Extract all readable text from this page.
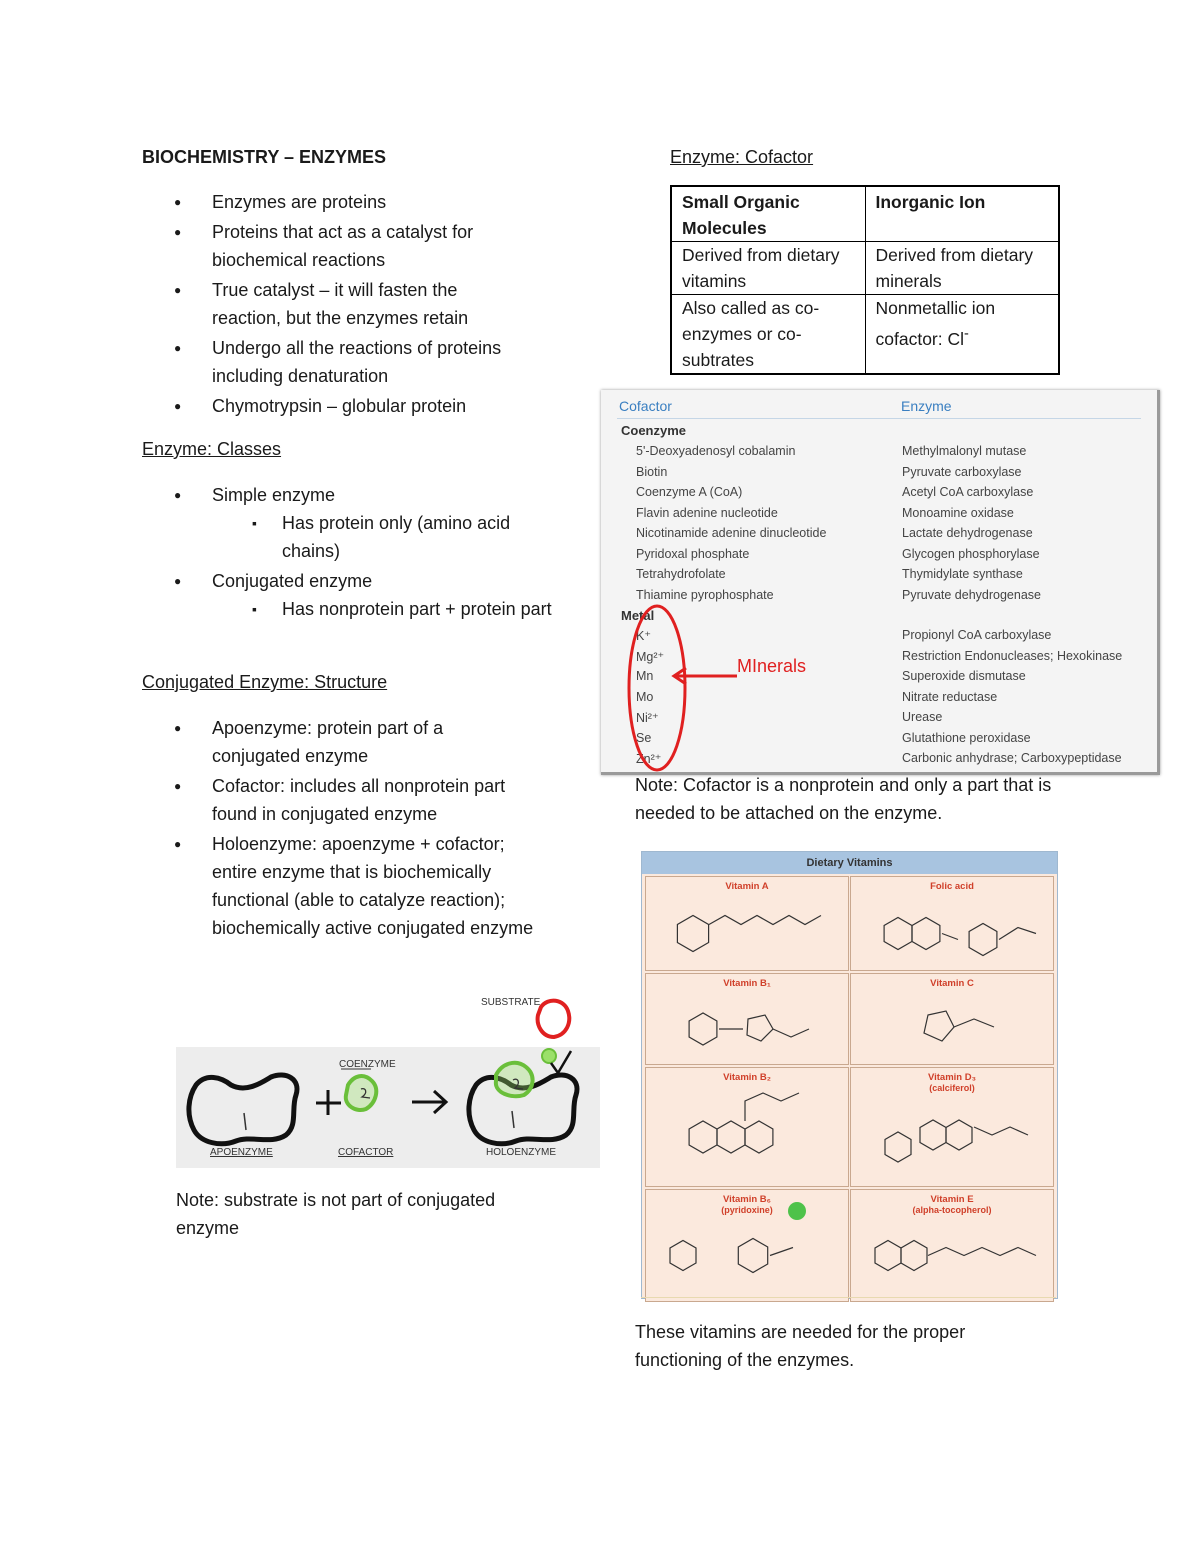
BIOCHEMISTRY – ENZYMES
● Enzymes are proteins
● Proteins that act as a catalyst for biochemical reactions
● True catalyst – it will fasten the reaction, but the enzymes retain
● Undergo all the reactions of proteins including denaturation
● Chymotrypsin – globular protein
Enzyme: Classes
● Simple enzyme
▪ Has protein only (amino acid chains)
● Conjugated enzyme
▪ Has nonprotein part + protein part
Conjugated Enzyme: Structure
● Apoenzyme: protein part of a conjugated enzyme
● Cofactor: includes all nonprotein part found in conjugated enzyme
● Holoenzyme: apoenzyme + cofactor; entire enzyme that is biochemically functional (able to catalyze reaction); biochemically active conjugated enzyme
SUBSTRATE
COENZYME
APOENZYME	COFACTOR	HOLOENZYME
Note: substrate is not part of conjugated enzyme
Enzyme: Cofactor
Small Organic Molecules	Inorganic Ion
Derived from dietary vitamins	Derived from dietary minerals
Also called as co-enzymes or co-subtrates	Nonmetallic ion cofactor: Cl-
Cofactor	Enzyme
Coenzyme
5'-Deoxyadenosyl cobalamin	Methylmalonyl mutase
Biotin	Pyruvate carboxylase
Coenzyme A (CoA)	Acetyl CoA carboxylase
Flavin adenine nucleotide	Monoamine oxidase
Nicotinamide adenine dinucleotide	Lactate dehydrogenase
Pyridoxal phosphate	Glycogen phosphorylase
Tetrahydrofolate	Thymidylate synthase
Thiamine pyrophosphate	Pyruvate dehydrogenase
Metal
K⁺	Propionyl CoA carboxylase
Mg²⁺	Restriction Endonucleases; Hexokinase
Mn	Superoxide dismutase
Mo	Nitrate reductase
Ni²⁺	Urease
Se	Glutathione peroxidase
Zn²⁺	Carbonic anhydrase; Carboxypeptidase
MInerals
Note: Cofactor is a nonprotein and only a part that is needed to be attached on the enzyme.
Dietary Vitamins
Vitamin A	Folic acid
Vitamin B₁	Vitamin C
Vitamin B₂	Vitamin D₃
(calciferol)
Vitamin B₆
(pyridoxine)
Vitamin E
(alpha-tocopherol)
These vitamins are needed for the proper functioning of the enzymes.
